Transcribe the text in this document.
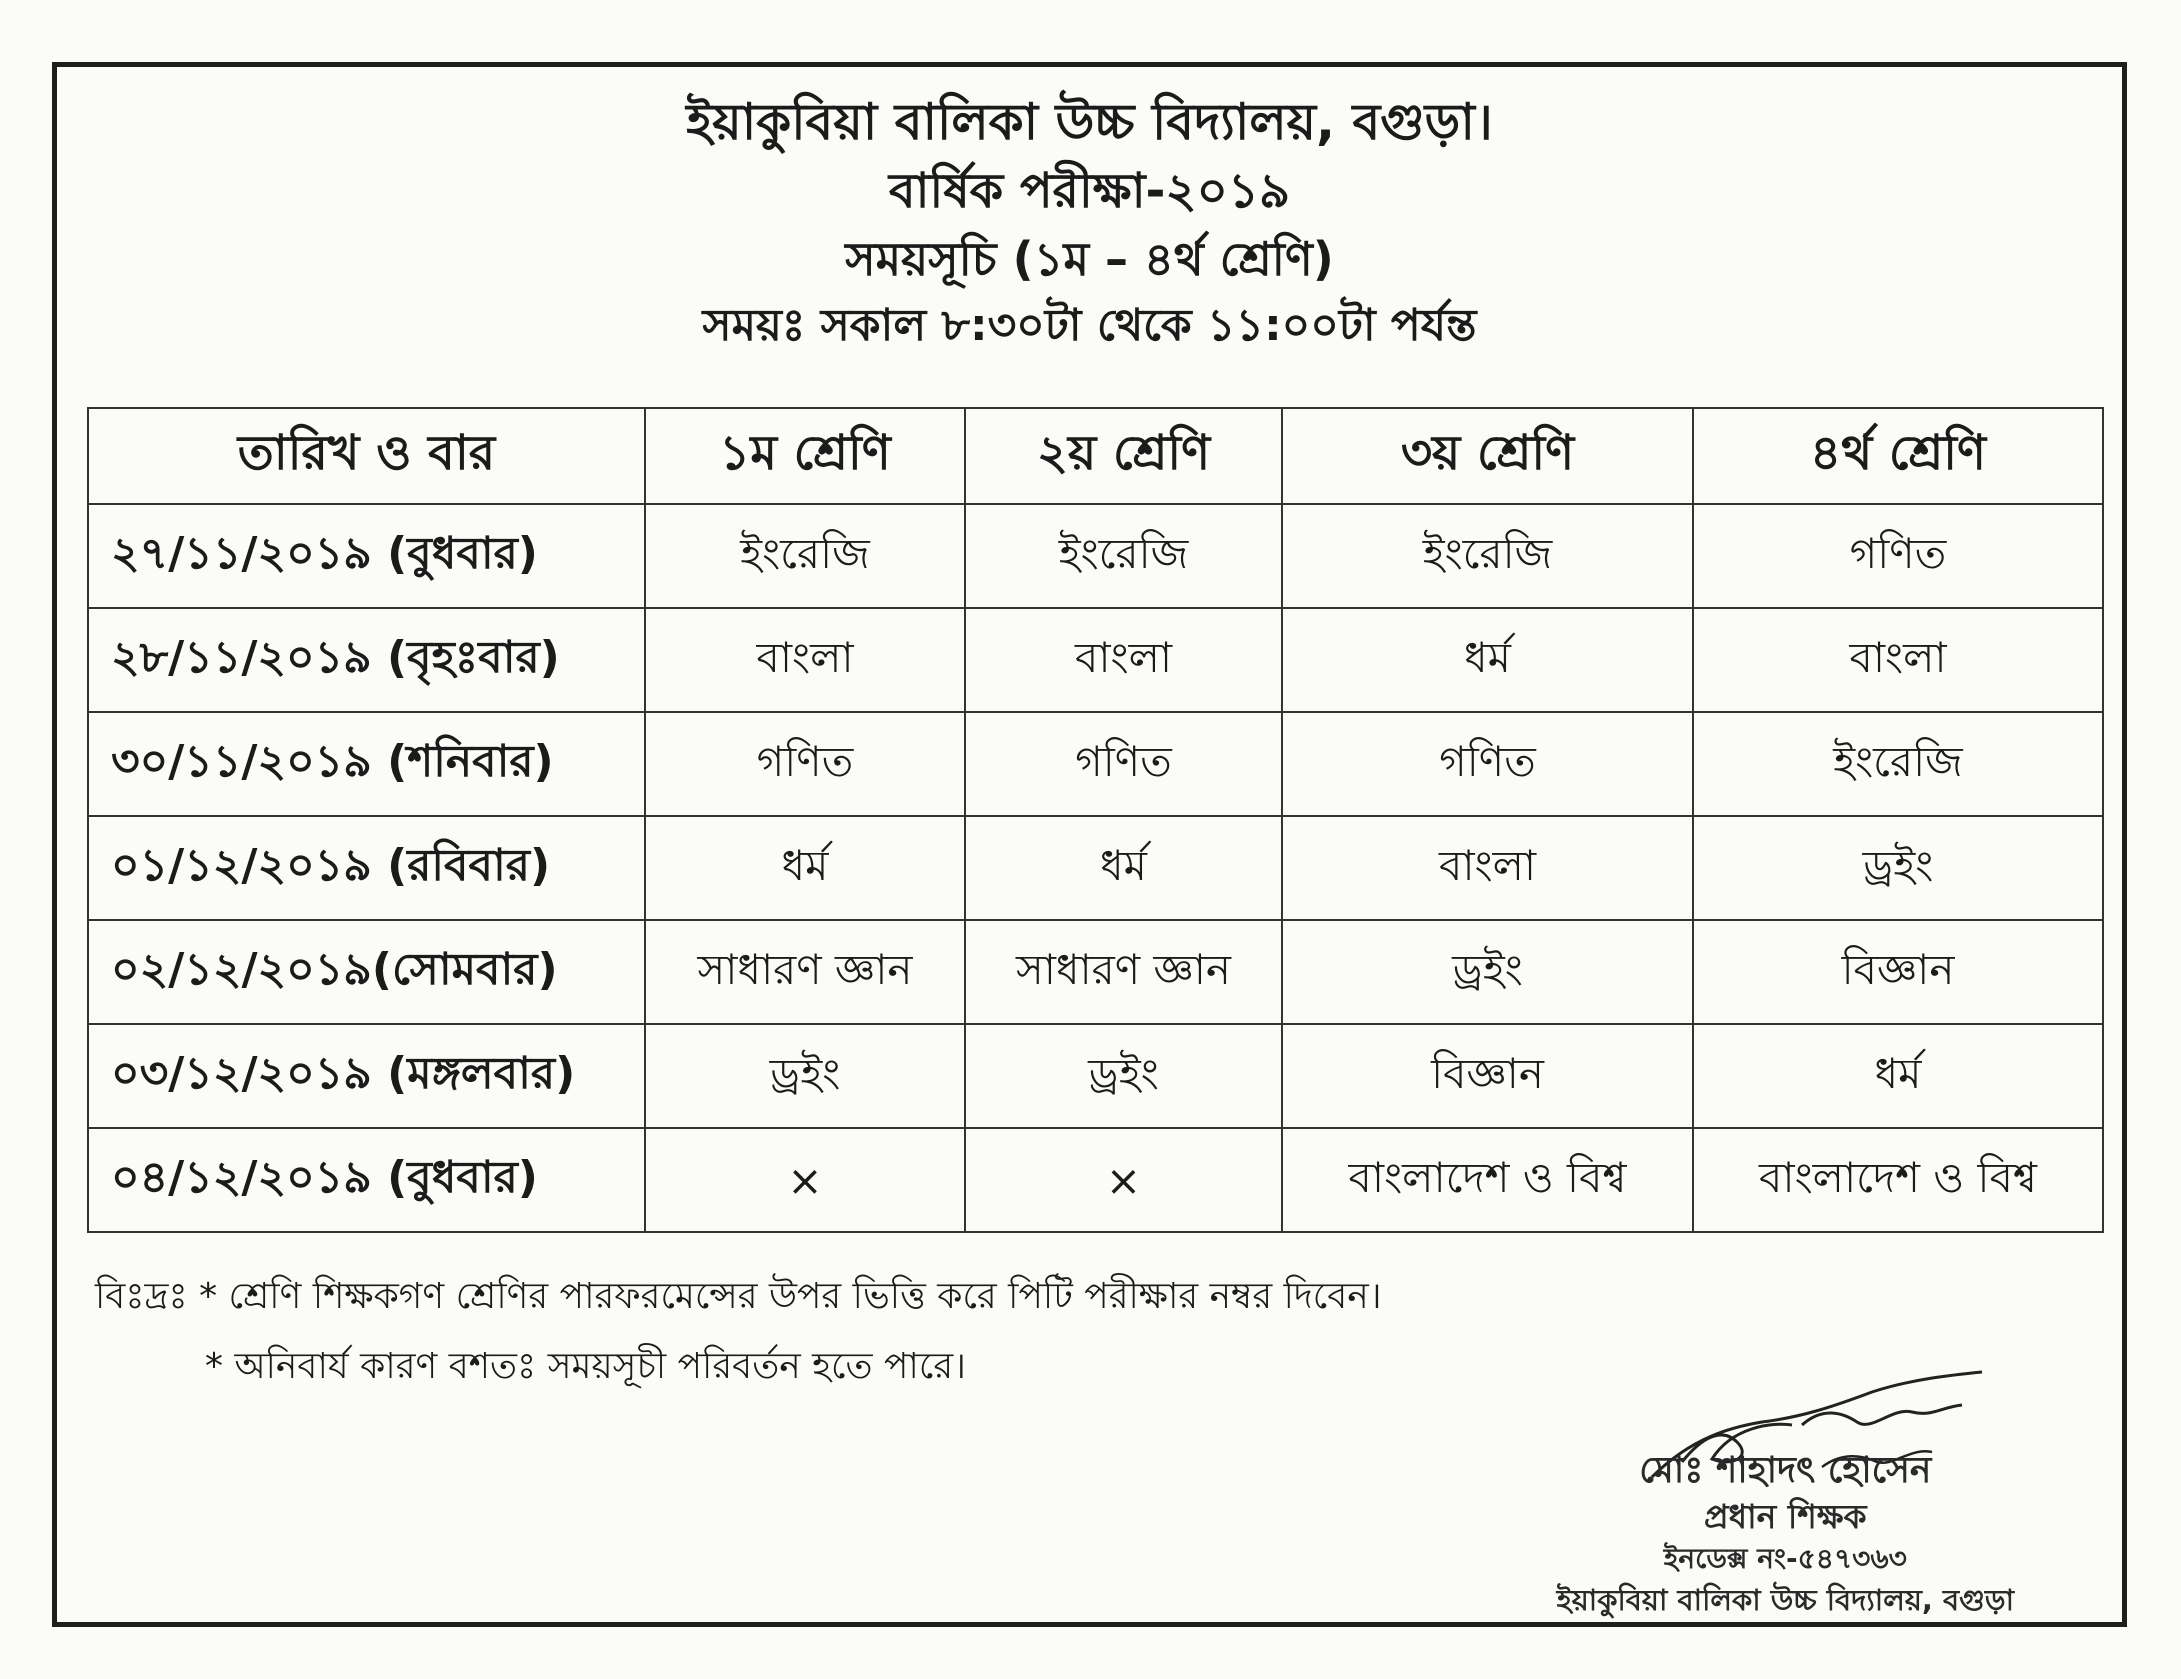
ইয়াকুবিয়া বালিকা উচ্চ বিদ্যালয়, বগুড়া।
বার্ষিক পরীক্ষা-২০১৯
সময়সূচি (১ম – ৪র্থ শ্রেণি)
সময়ঃ সকাল ৮:৩০টা থেকে ১১:০০টা পর্যন্ত
তারিখ ও বার	১ম শ্রেণি	২য় শ্রেণি	৩য় শ্রেণি	৪র্থ শ্রেণি
২৭/১১/২০১৯ (বুধবার)	ইংরেজি	ইংরেজি	ইংরেজি	গণিত
২৮/১১/২০১৯ (বৃহঃবার)	বাংলা	বাংলা	ধর্ম	বাংলা
৩০/১১/২০১৯ (শনিবার)	গণিত	গণিত	গণিত	ইংরেজি
০১/১২/২০১৯ (রবিবার)	ধর্ম	ধর্ম	বাংলা	ড্রইং
০২/১২/২০১৯(সোমবার)	সাধারণ জ্ঞান	সাধারণ জ্ঞান	ড্রইং	বিজ্ঞান
০৩/১২/২০১৯ (মঙ্গলবার)	ড্রইং	ড্রইং	বিজ্ঞান	ধর্ম
০৪/১২/২০১৯ (বুধবার)	×	×	বাংলাদেশ ও বিশ্ব	বাংলাদেশ ও বিশ্ব
বিঃদ্রঃ * শ্রেণি শিক্ষকগণ শ্রেণির পারফরমেন্সের উপর ভিত্তি করে পিটি পরীক্ষার নম্বর দিবেন।
* অনিবার্য কারণ বশতঃ সময়সূচী পরিবর্তন হতে পারে।	শাহাদৎ ২৮/১০/১৯
মোঃ শাহাদৎ হোসেন
প্রধান শিক্ষক
ইনডেক্স নং-৫৪৭৩৬৩
ইয়াকুবিয়া বালিকা উচ্চ বিদ্যালয়, বগুড়া
